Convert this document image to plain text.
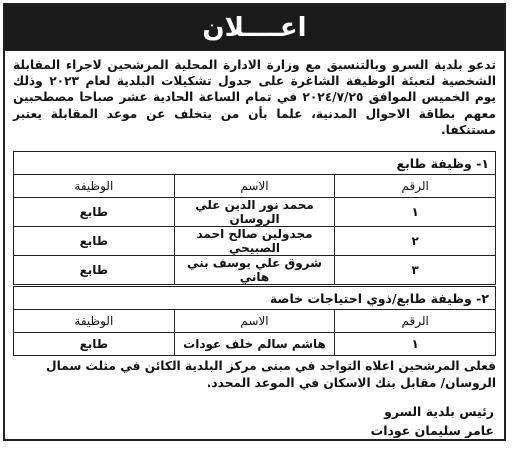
اعــــلان
تدعو بلدية السرو وبالتنسيق مع وزارة الادارة المحلية المرشحين لاجراء المقابلة الشخصية لتعبئة الوظيفة الشاغرة على جدول تشكيلات البلدية لعام ٢٠٢٣ وذلك يوم الخميس الموافق ٢٠٢٤/٧/٢٥ في تمام الساعة الحادية عشر صباحا مصطحبين معهم بطاقة الاحوال المدنية، علما بأن من يتخلف عن موعد المقابلة يعتبر مستنكفا.
١- وظيفة طابع		
الرقم	الاسم	الوظيفة
١	محمد نور الدين علي الروسان	طابع
٢	مجدولين صالح احمد الصبيحي	طابع
٣	شروق علي يوسف بني هاني	طابع
٢- وظيفة طابع/ذوي احتياجات خاصة		
الرقم	الاسم	الوظيفة
١	هاشم سالم خلف عودات	طابع
فعلى المرشحين اعلاه التواجد في مبنى مركز البلدية الكائن في مثلث سمال الروسان/ مقابل بنك الاسكان في الموعد المحدد.
رئيس بلدية السرو
عامر سليمان عودات
